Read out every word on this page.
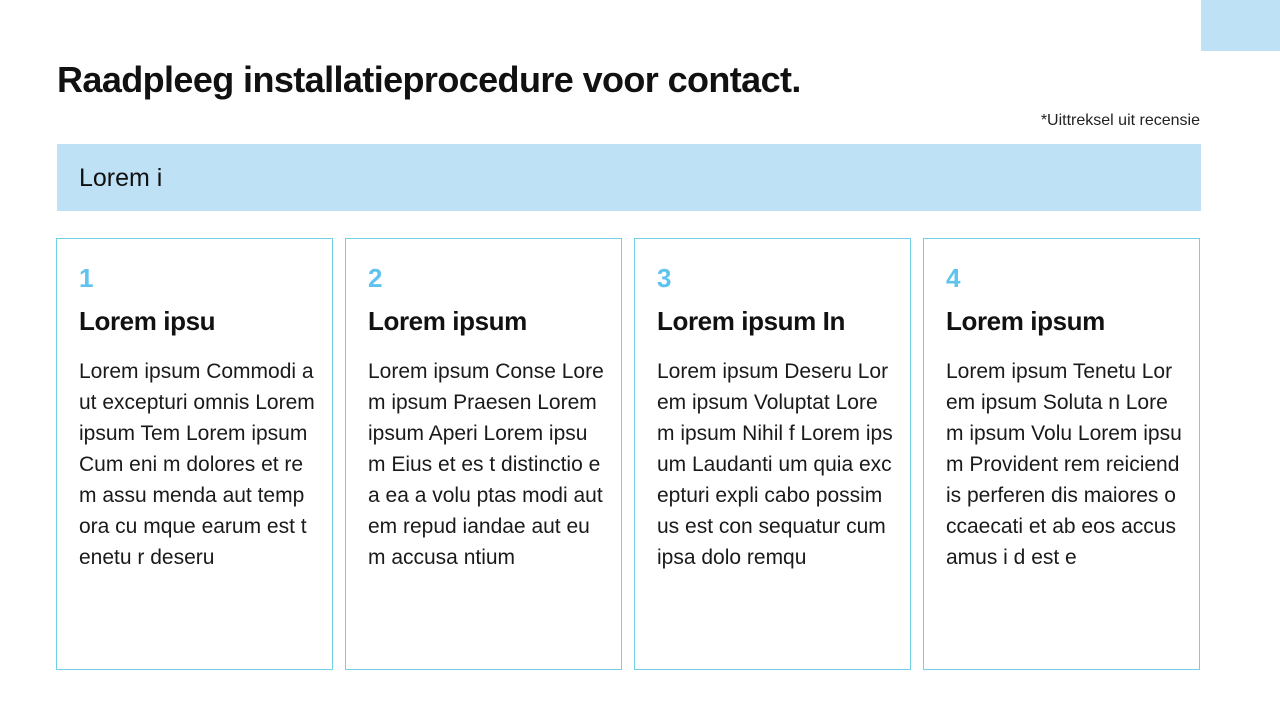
Raadpleeg installatieprocedure voor contact.
*Uittreksel uit recensie
Lorem i
1
Lorem ipsu
Lorem ipsum Commodi aut excepturi omnis Lorem ipsum Tem Lorem ipsum Cum eni m dolores et rem assu menda aut tempora cu mque earum est tenetu r deseru
2
Lorem ipsum
Lorem ipsum Conse Lorem ipsum Praesen Lorem ipsum Aperi Lorem ipsum Eius et es t distinctio ea ea a volu ptas modi autem repud iandae aut eum accusa ntium
3
Lorem ipsum In
Lorem ipsum Deseru Lorem ipsum Voluptat Lorem ipsum Nihil f Lorem ipsum Laudanti um quia excepturi expli cabo possimus est con sequatur cum ipsa dolo remqu
4
Lorem ipsum
Lorem ipsum Tenetu Lorem ipsum Soluta n Lorem ipsum Volu Lorem ipsum Provident rem reiciendis perferen dis maiores occaecati et ab eos accusamus i d est e
